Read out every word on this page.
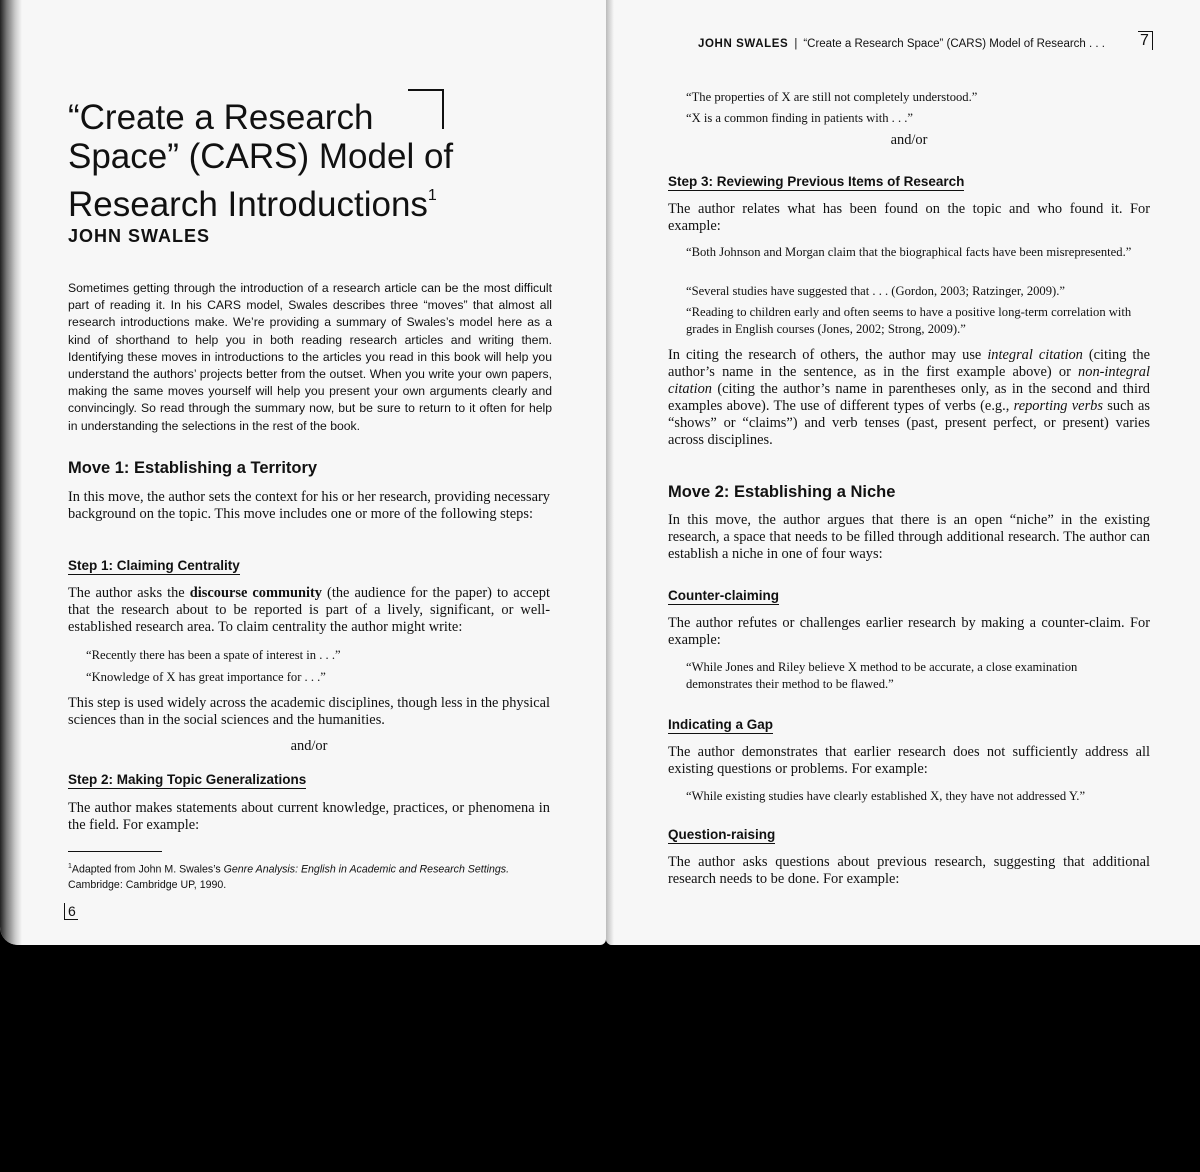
“Create a Research Space” (CARS) Model of Research Introductions$^1$
JOHN SWALES

Sometimes getting through the introduction of a research article can be the most difficult part of reading it. In his CARS model, Swales describes three “moves” that almost all research introductions make. We’re providing a summary of Swales’s model here as a kind of shorthand to help you in both reading research articles and writing them. Identifying these moves in introductions to the articles you read in this book will help you understand the authors’ projects better from the outset. When you write your own papers, making the same moves yourself will help you present your own arguments clearly and convincingly. So read through the summary now, but be sure to return to it often for help in understanding the selections in the rest of the book.

Move 1: Establishing a Territory

In this move, the author sets the context for his or her research, providing necessary background on the topic. This move includes one or more of the following steps:

Step 1: Claiming Centrality

The author asks the discourse community (the audience for the paper) to accept that the research about to be reported is part of a lively, significant, or well-established research area. To claim centrality the author might write:

“Recently there has been a spate of interest in . . .”

“Knowledge of X has great importance for . . .”

This step is used widely across the academic disciplines, though less in the physical sciences than in the social sciences and the humanities.

and/or
Step 2: Making Topic Generalizations

The author makes statements about current knowledge, practices, or phenomena in the field. For example:

$^1$Adapted from John M. Swales’s Genre Analysis: English in Academic and Research Settings. Cambridge: Cambridge UP, 1990.

6
JOHN SWALES | “Create a Research Space” (CARS) Model of Research . . . 7

“The properties of X are still not completely understood.”

“X is a common finding in patients with . . .”

and/or
Step 3: Reviewing Previous Items of Research

The author relates what has been found on the topic and who found it. For example:

“Both Johnson and Morgan claim that the biographical facts have been misrepresented.”

“Several studies have suggested that . . . (Gordon, 2003; Ratzinger, 2009).”

“Reading to children early and often seems to have a positive long-term correlation with grades in English courses (Jones, 2002; Strong, 2009).”

In citing the research of others, the author may use integral citation (citing the author’s name in the sentence, as in the first example above) or non-integral citation (citing the author’s name in parentheses only, as in the second and third examples above). The use of different types of verbs (e.g., reporting verbs such as “shows” or “claims”) and verb tenses (past, present perfect, or present) varies across disciplines.

Move 2: Establishing a Niche

In this move, the author argues that there is an open “niche” in the existing research, a space that needs to be filled through additional research. The author can establish a niche in one of four ways:

Counter-claiming

The author refutes or challenges earlier research by making a counter-claim. For example:

“While Jones and Riley believe X method to be accurate, a close examination demonstrates their method to be flawed.”

Indicating a Gap

The author demonstrates that earlier research does not sufficiently address all existing questions or problems. For example:

“While existing studies have clearly established X, they have not addressed Y.”

Question-raising

The author asks questions about previous research, suggesting that additional research needs to be done. For example:
